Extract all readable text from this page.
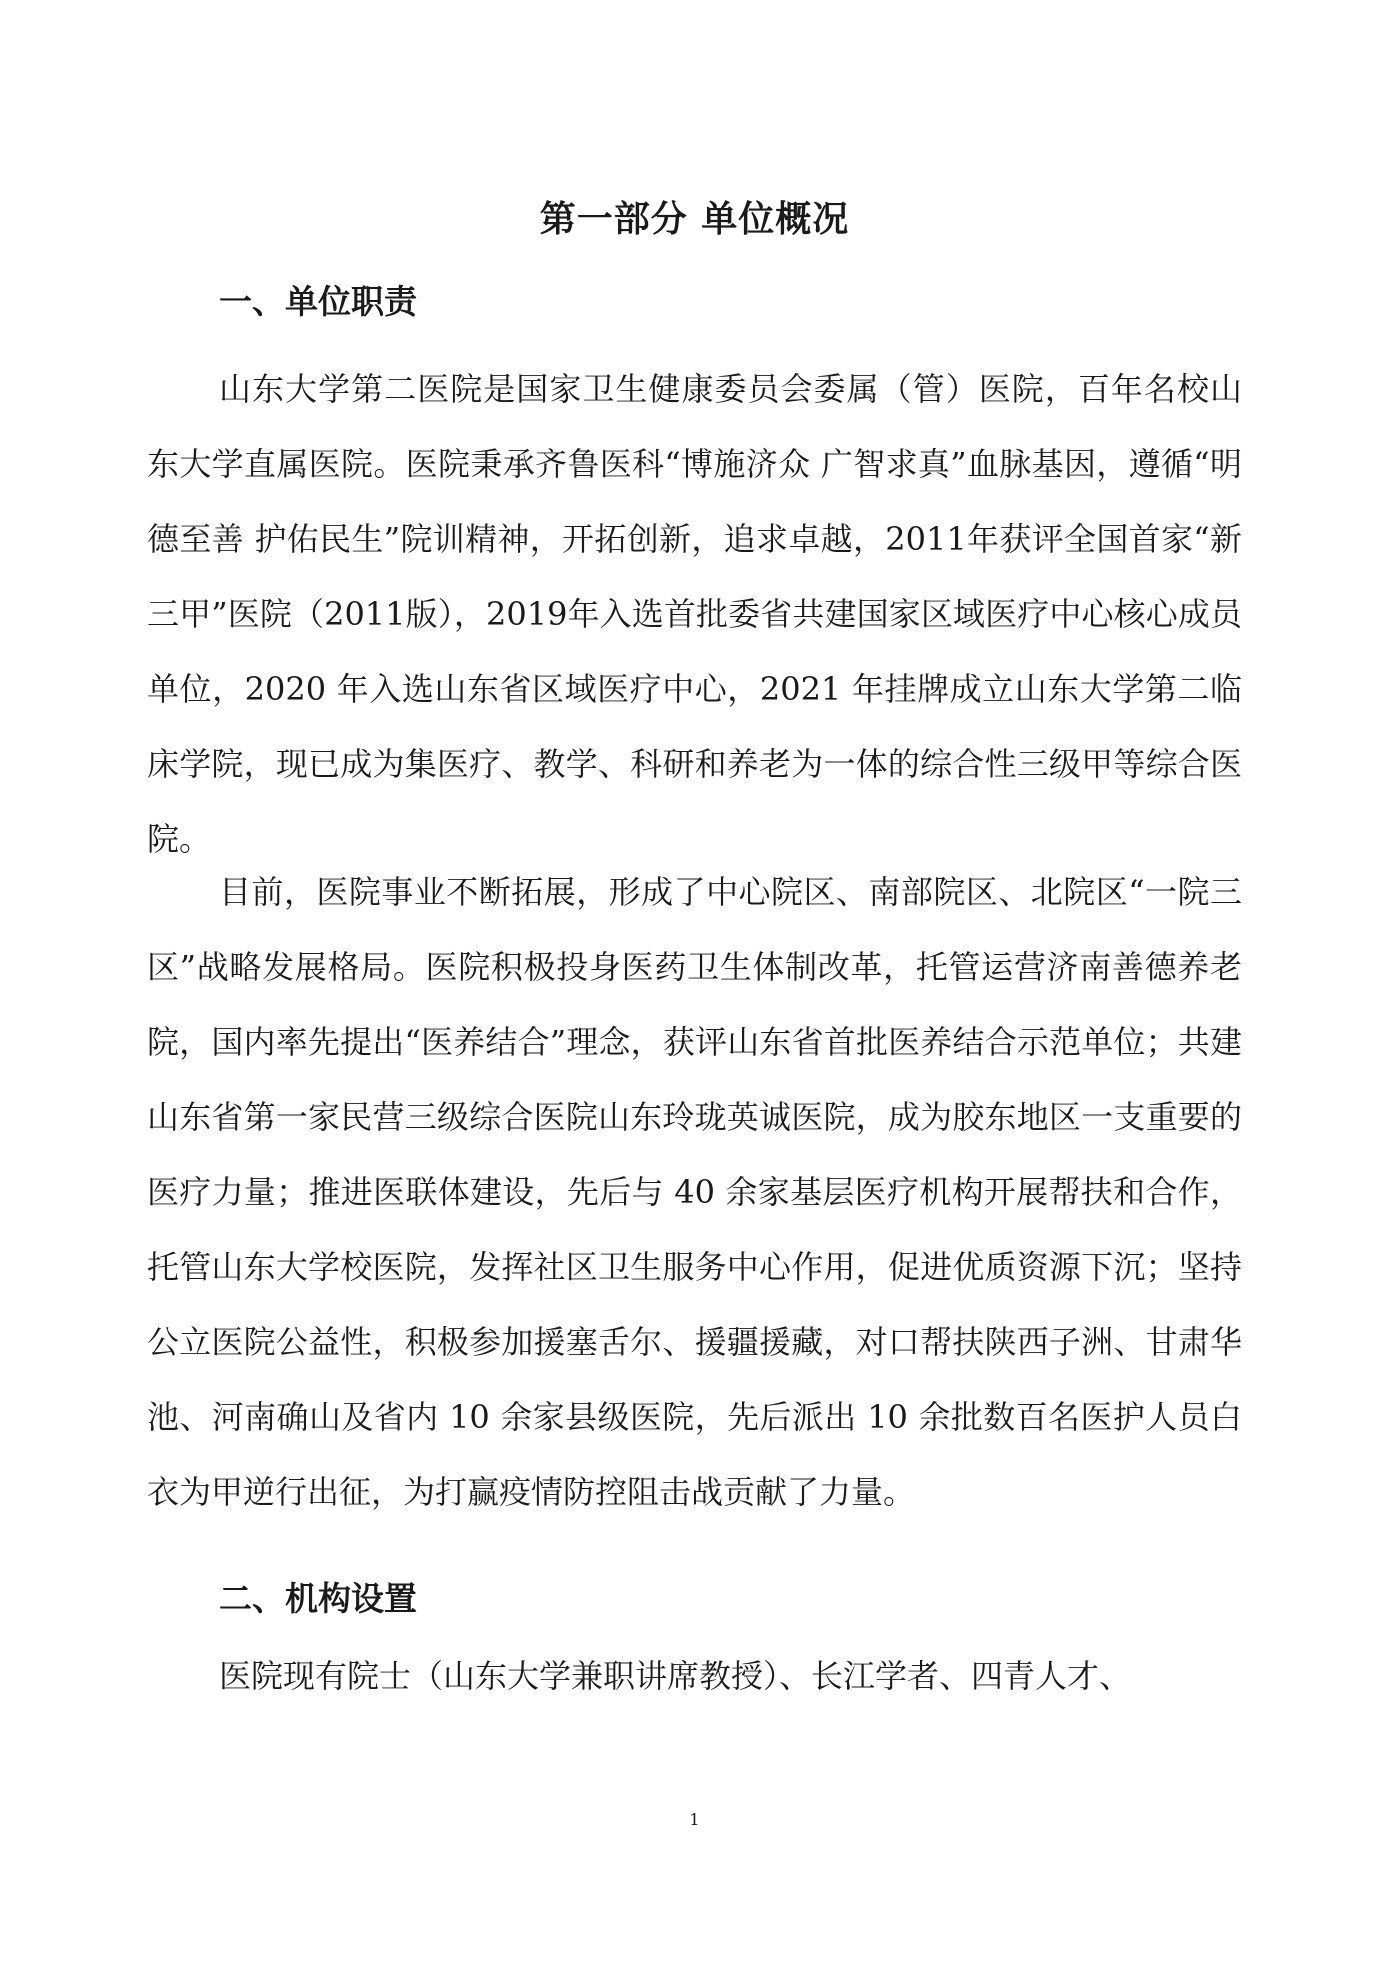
第一部分 单位概况
一、单位职责

山东大学第二医院是国家卫生健康委员会委属（管）医院，百年名校山东大学直属医院。医院秉承齐鲁医科“博施济众 广智求真”血脉基因，遵循“明德至善 护佑民生”院训精神，开拓创新，追求卓越，2011年获评全国首家“新三甲”医院（2011版），2019年入选首批委省共建国家区域医疗中心核心成员单位，2020 年入选山东省区域医疗中心，2021 年挂牌成立山东大学第二临床学院，现已成为集医疗、教学、科研和养老为一体的综合性三级甲等综合医院。

目前，医院事业不断拓展，形成了中心院区、南部院区、北院区“一院三区”战略发展格局。医院积极投身医药卫生体制改革，托管运营济南善德养老院，国内率先提出“医养结合”理念，获评山东省首批医养结合示范单位；共建山东省第一家民营三级综合医院山东玲珑英诚医院，成为胶东地区一支重要的医疗力量；推进医联体建设，先后与 40 余家基层医疗机构开展帮扶和合作，托管山东大学校医院，发挥社区卫生服务中心作用，促进优质资源下沉；坚持公立医院公益性，积极参加援塞舌尔、援疆援藏，对口帮扶陕西子洲、甘肃华池、河南确山及省内 10 余家县级医院，先后派出 10 余批数百名医护人员白衣为甲逆行出征，为打赢疫情防控阻击战贡献了力量。

二、机构设置

医院现有院士（山东大学兼职讲席教授）、长江学者、四青人才、

1
